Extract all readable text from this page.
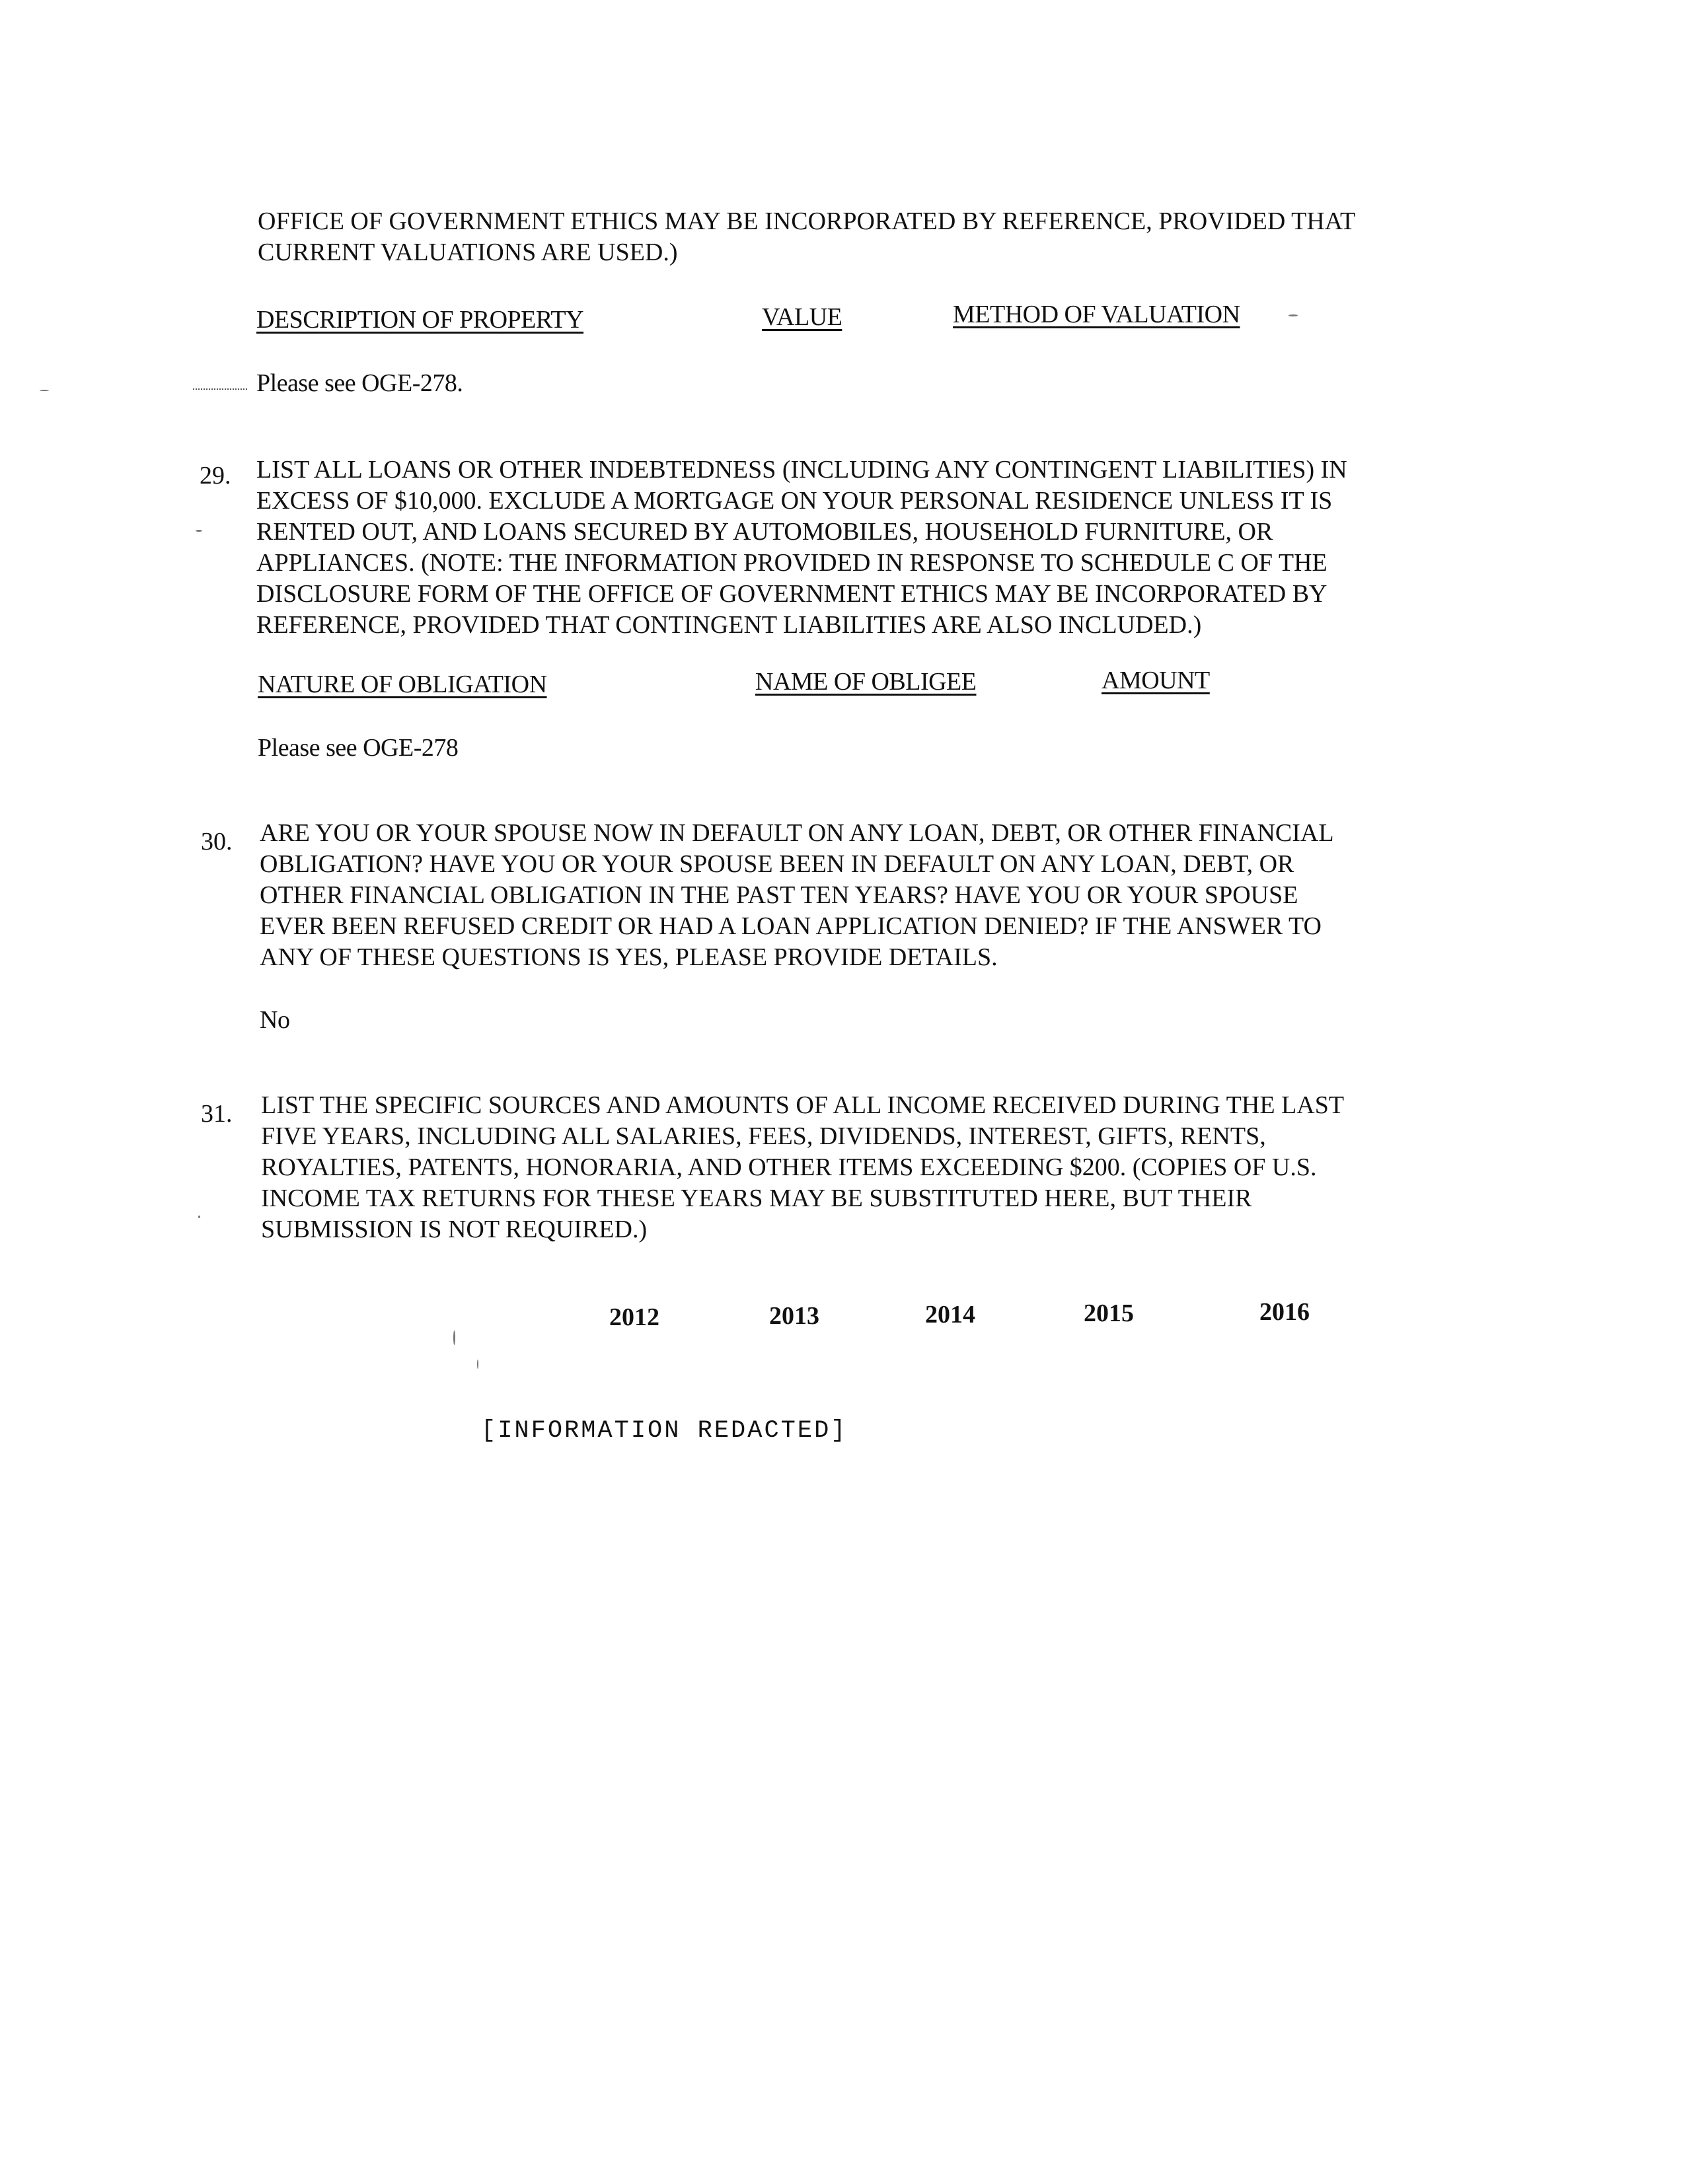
OFFICE OF GOVERNMENT ETHICS MAY BE INCORPORATED BY REFERENCE, PROVIDED THAT
CURRENT VALUATIONS ARE USED.)
DESCRIPTION OF PROPERTY	VALUE	METHOD OF VALUATION
Please see OGE-278.
29. LIST ALL LOANS OR OTHER INDEBTEDNESS (INCLUDING ANY CONTINGENT LIABILITIES) IN
EXCESS OF $10,000. EXCLUDE A MORTGAGE ON YOUR PERSONAL RESIDENCE UNLESS IT IS
RENTED OUT, AND LOANS SECURED BY AUTOMOBILES, HOUSEHOLD FURNITURE, OR
APPLIANCES. (NOTE: THE INFORMATION PROVIDED IN RESPONSE TO SCHEDULE C OF THE
DISCLOSURE FORM OF THE OFFICE OF GOVERNMENT ETHICS MAY BE INCORPORATED BY
REFERENCE, PROVIDED THAT CONTINGENT LIABILITIES ARE ALSO INCLUDED.)
NATURE OF OBLIGATION	NAME OF OBLIGEE	AMOUNT
Please see OGE-278
30. ARE YOU OR YOUR SPOUSE NOW IN DEFAULT ON ANY LOAN, DEBT, OR OTHER FINANCIAL
OBLIGATION? HAVE YOU OR YOUR SPOUSE BEEN IN DEFAULT ON ANY LOAN, DEBT, OR
OTHER FINANCIAL OBLIGATION IN THE PAST TEN YEARS? HAVE YOU OR YOUR SPOUSE
EVER BEEN REFUSED CREDIT OR HAD A LOAN APPLICATION DENIED? IF THE ANSWER TO
ANY OF THESE QUESTIONS IS YES, PLEASE PROVIDE DETAILS.
No
31. LIST THE SPECIFIC SOURCES AND AMOUNTS OF ALL INCOME RECEIVED DURING THE LAST
FIVE YEARS, INCLUDING ALL SALARIES, FEES, DIVIDENDS, INTEREST, GIFTS, RENTS,
ROYALTIES, PATENTS, HONORARIA, AND OTHER ITEMS EXCEEDING $200. (COPIES OF U.S.
INCOME TAX RETURNS FOR THESE YEARS MAY BE SUBSTITUTED HERE, BUT THEIR
SUBMISSION IS NOT REQUIRED.)
2012	2013	2014	2015	2016
[INFORMATION REDACTED]
